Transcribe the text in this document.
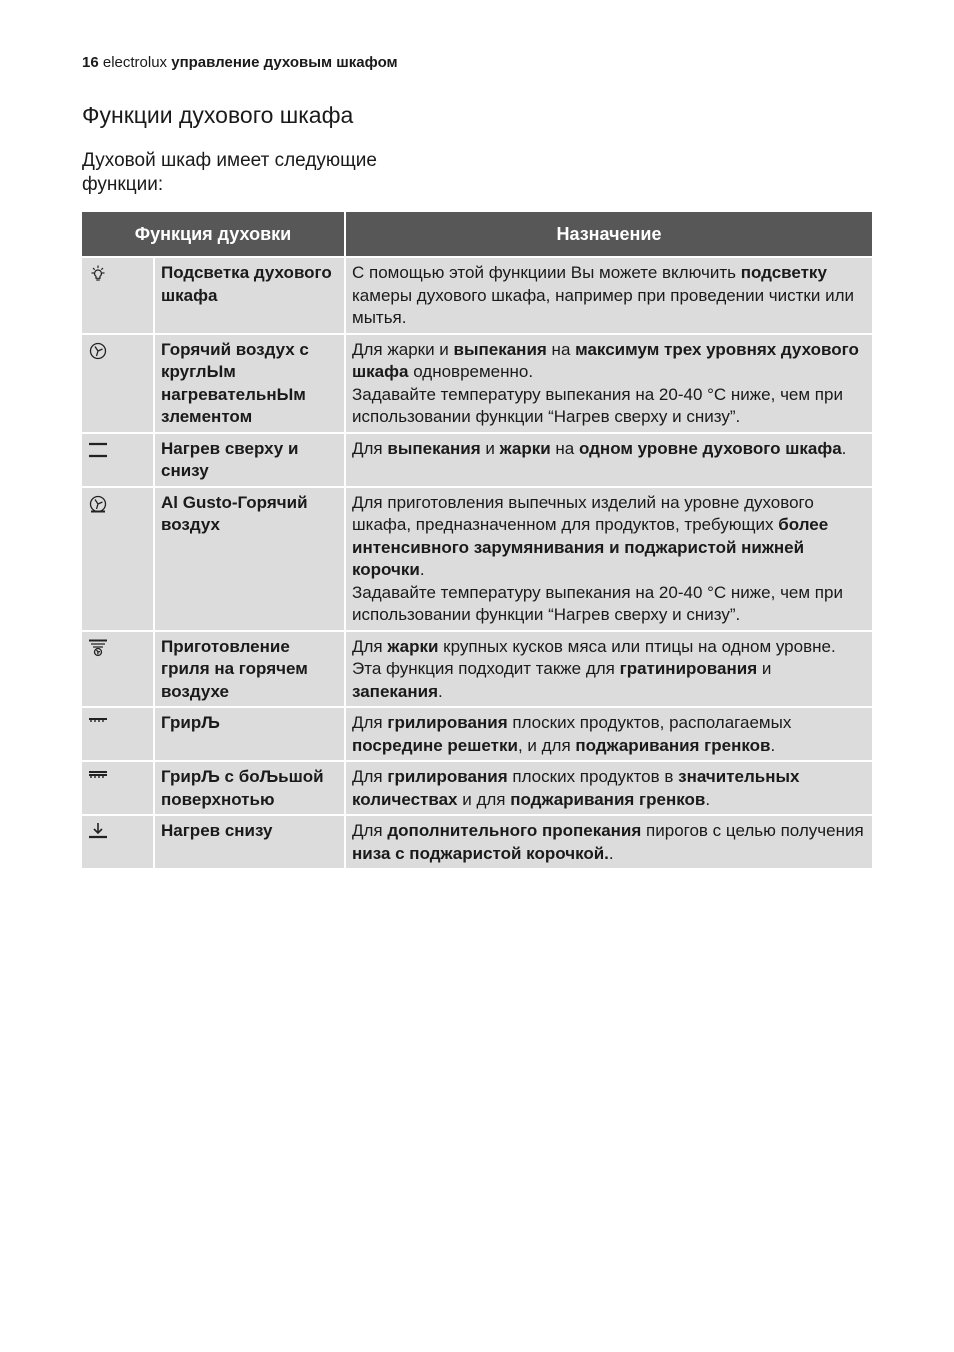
16 electrolux управление духовым шкафом
Функции духового шкафа

Духовой шкаф имеет следующие функции:

Функция духовки		Назначение

	Подсветка духового шкафа	С помощью этой функциии Вы можете включить подсветку камеры духового шкафа, например при проведении чистки или мытья.

	Горячий воздух с круглЫм нагревательнЫм злементом	Для жарки и выпекания на максимум трех уровнях духового шкафа одновременно.
Задавайте температуру выпекания на 20-40 °C ниже, чем при использовании функции “Нагрев сверху и снизу”.

	Нагрев сверху и снизу	Для выпекания и жарки на одном уровне духового шкафа.

	Al Gusto-Горячий воздух	Для приготовления выпечных изделий на уровне духового шкафа, предназначенном для продуктов, требующих более интенсивного зарумянивания и поджаристой нижней корочки.
Задавайте температуру выпекания на 20-40 °C ниже, чем при использовании функции “Нагрев сверху и снизу”.

	Приготовление гриля на горячем воздухе	Для жарки крупных кусков мяса или птицы на одном уровне. Эта функция подходит также для гратинирования и запекания.

	ГрирЉ	Для грилирования плоских продуктов, располагаемых посредине решетки, и для поджаривания гренков.

	ГрирЉ с боЉьшой поверхнотью	Для грилирования плоских продуктов в значительных количествах и для поджаривания гренков.

	Нагрев снизу	Для дополнительного пропекания пирогов с целью получения низа с поджаристой корочкой..
